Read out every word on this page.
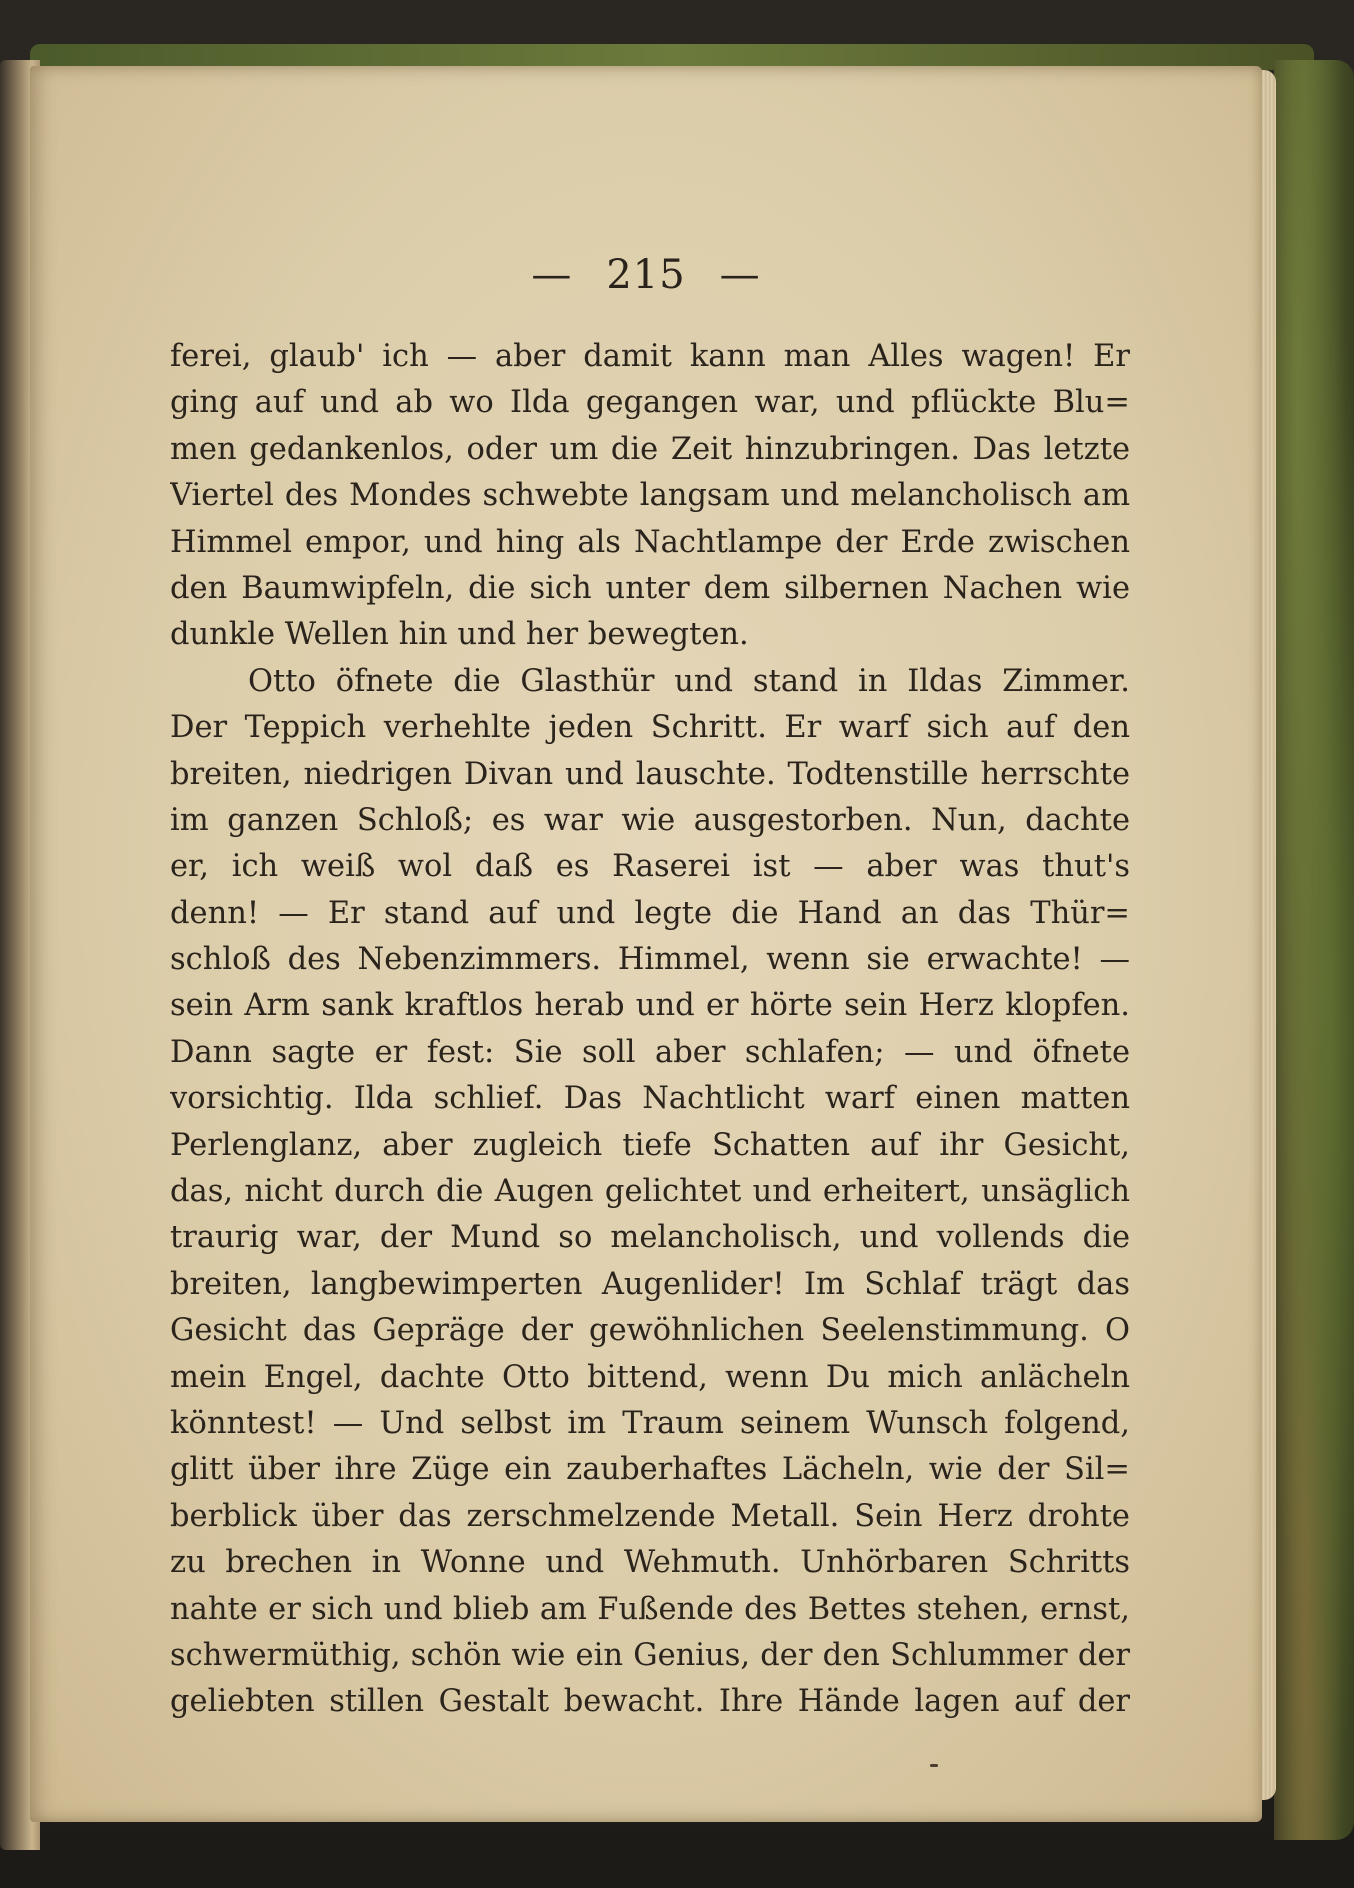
— 215 —
ferei, glaub' ich — aber damit kann man Alles wagen! Er
ging auf und ab wo Ilda gegangen war, und pflückte Blu=
men gedankenlos, oder um die Zeit hinzubringen. Das letzte
Viertel des Mondes schwebte langsam und melancholisch am
Himmel empor, und hing als Nachtlampe der Erde zwischen
den Baumwipfeln, die sich unter dem silbernen Nachen wie
dunkle Wellen hin und her bewegten.
Otto öfnete die Glasthür und stand in Ildas Zimmer.
Der Teppich verhehlte jeden Schritt. Er warf sich auf den
breiten, niedrigen Divan und lauschte. Todtenstille herrschte
im ganzen Schloß; es war wie ausgestorben. Nun, dachte
er, ich weiß wol daß es Raserei ist — aber was thut's
denn! — Er stand auf und legte die Hand an das Thür=
schloß des Nebenzimmers. Himmel, wenn sie erwachte! —
sein Arm sank kraftlos herab und er hörte sein Herz klopfen.
Dann sagte er fest: Sie soll aber schlafen; — und öfnete
vorsichtig. Ilda schlief. Das Nachtlicht warf einen matten
Perlenglanz, aber zugleich tiefe Schatten auf ihr Gesicht,
das, nicht durch die Augen gelichtet und erheitert, unsäglich
traurig war, der Mund so melancholisch, und vollends die
breiten, langbewimperten Augenlider! Im Schlaf trägt das
Gesicht das Gepräge der gewöhnlichen Seelenstimmung. O
mein Engel, dachte Otto bittend, wenn Du mich anlächeln
könntest! — Und selbst im Traum seinem Wunsch folgend,
glitt über ihre Züge ein zauberhaftes Lächeln, wie der Sil=
berblick über das zerschmelzende Metall. Sein Herz drohte
zu brechen in Wonne und Wehmuth. Unhörbaren Schritts
nahte er sich und blieb am Fußende des Bettes stehen, ernst,
schwermüthig, schön wie ein Genius, der den Schlummer der
geliebten stillen Gestalt bewacht. Ihre Hände lagen auf der
